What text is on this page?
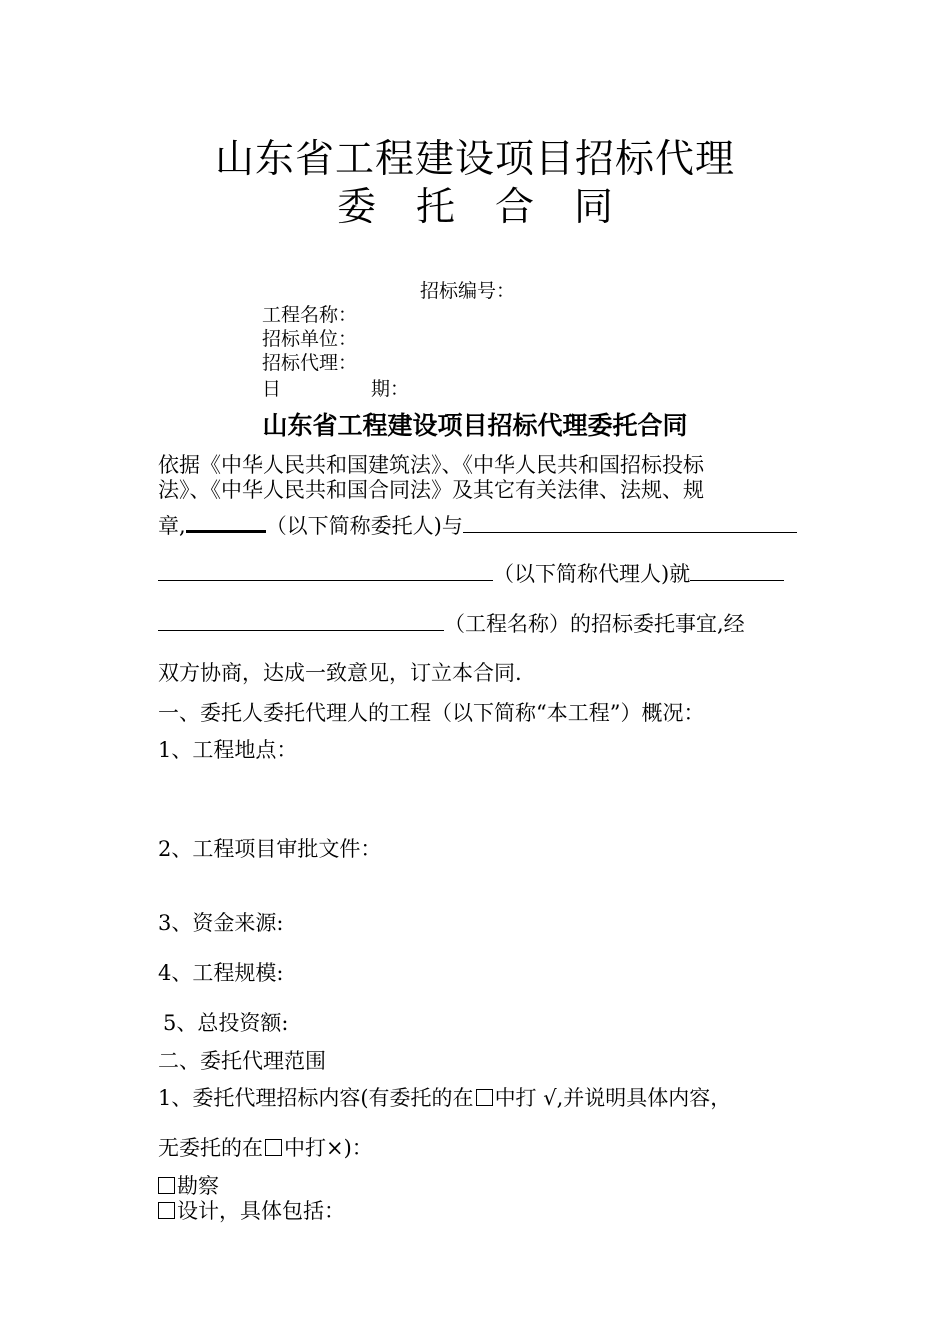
山东省工程建设项目招标代理
委托合同
招标编号：
工程名称：
招标单位：
招标代理：
日	期：
山东省工程建设项目招标代理委托合同
依据《中华人民共和国建筑法》、《中华人民共和国招标投标
法》、《中华人民共和国合同法》及其它有关法律、法规、规
章,	（以下简称委托人)与
（以下简称代理人)就
（工程名称）的招标委托事宜,经
双方协商，达成一致意见，订立本合同.
一、委托人委托代理人的工程（以下简称“本工程”）概况：
1、工程地点：
2、工程项目审批文件：
3、资金来源:
4、工程规模:
5、总投资额:
二、委托代理范围
1、委托代理招标内容(有委托的在 中打 √,并说明具体内容，
无委托的在 中打×)：
勘察
设计，具体包括：
